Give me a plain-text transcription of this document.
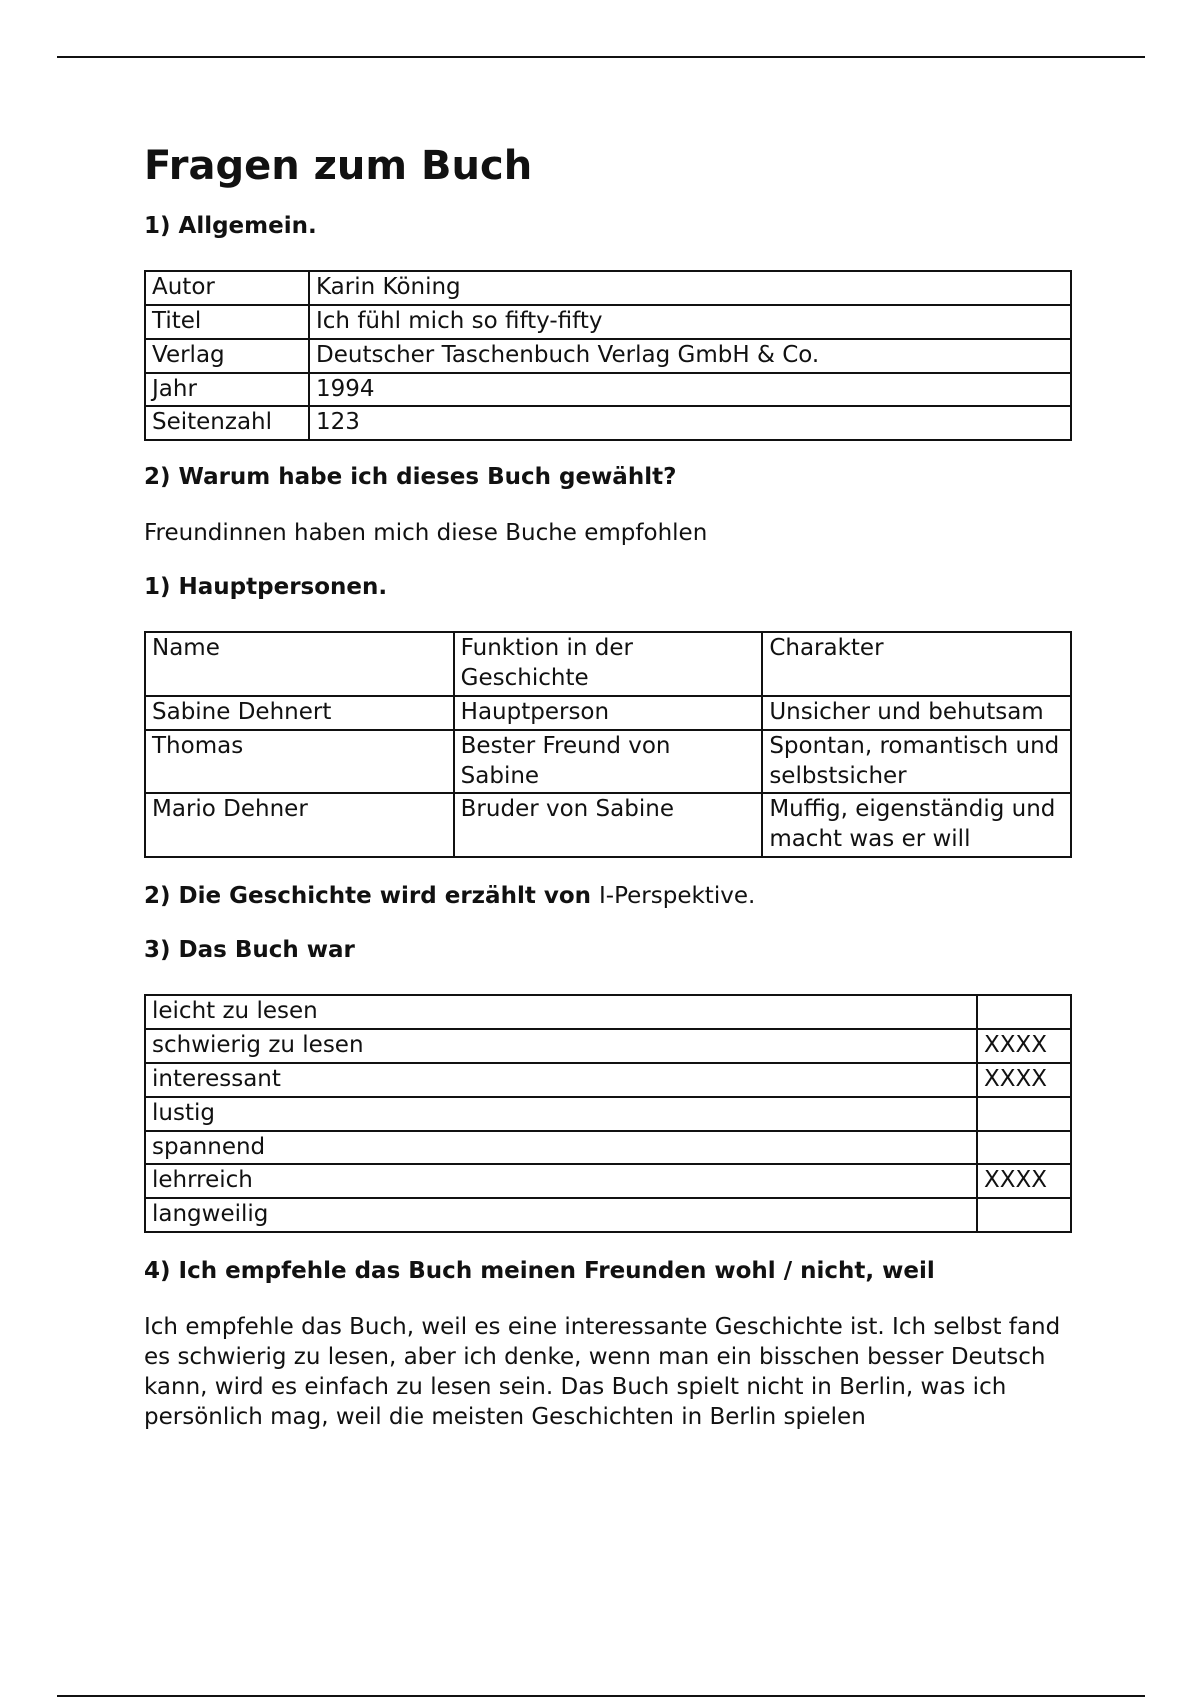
Fragen zum Buch
1) Allgemein.
Autor	Karin Köning
Titel	Ich fühl mich so fifty-fifty
Verlag	Deutscher Taschenbuch Verlag GmbH & Co.
Jahr	1994
Seitenzahl	123
2) Warum habe ich dieses Buch gewählt?

Freundinnen haben mich diese Buche empfohlen

1) Hauptpersonen.
Name	Funktion in der Geschichte	Charakter
Sabine Dehnert	Hauptperson	Unsicher und behutsam
Thomas	Bester Freund von Sabine	Spontan, romantisch und selbstsicher
Mario Dehner	Bruder von Sabine	Muffig, eigenständig und macht was er will
2) Die Geschichte wird erzählt von I-Perspektive.
3) Das Buch war
leicht zu lesen	
schwierig zu lesen	XXXX
interessant	XXXX
lustig	
spannend	
lehrreich	XXXX
langweilig	
4) Ich empfehle das Buch meinen Freunden wohl / nicht, weil

Ich empfehle das Buch, weil es eine interessante Geschichte ist. Ich selbst fand es schwierig zu lesen, aber ich denke, wenn man ein bisschen besser Deutsch kann, wird es einfach zu lesen sein. Das Buch spielt nicht in Berlin, was ich persönlich mag, weil die meisten Geschichten in Berlin spielen
